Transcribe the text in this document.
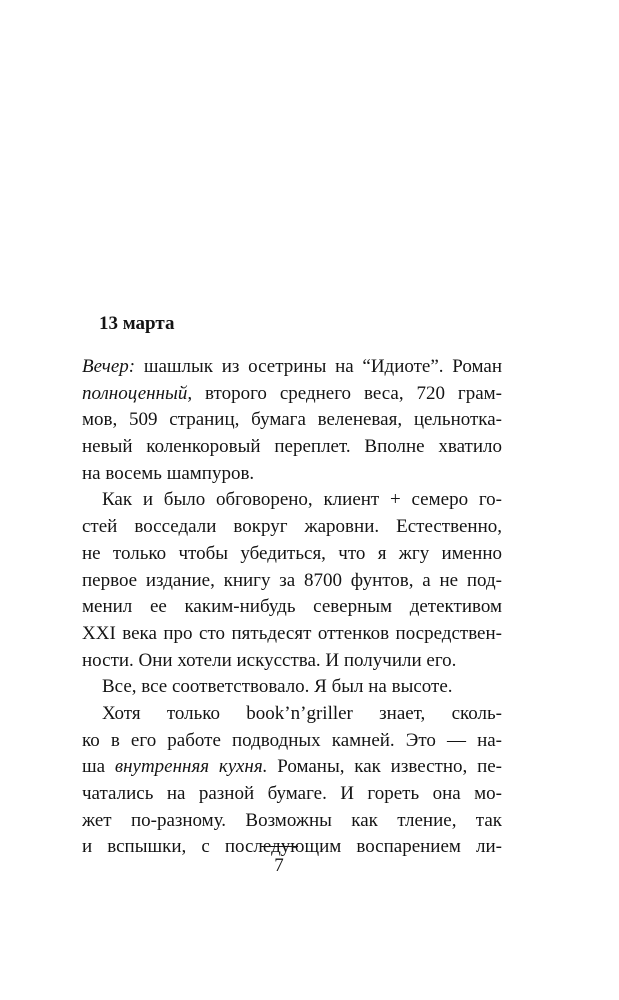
13 марта
Вечер: шашлык из осетрины на “Идиоте”. Роман
полноценный, второго среднего веса, 720 грам-
мов, 509 страниц, бумага веленевая, цельнотка-
невый коленкоровый переплет. Вполне хватило
на восемь шампуров.
Как и было обговорено, клиент + семеро го-
стей восседали вокруг жаровни. Естественно,
не только чтобы убедиться, что я жгу именно
первое издание, книгу за 8700 фунтов, а не под-
менил ее каким-нибудь северным детективом
XXI века про сто пятьдесят оттенков посредствен-
ности. Они хотели искусства. И получили его.
Все, все соответствовало. Я был на высоте.
Хотя только book’n’griller знает, сколь-
ко в его работе подводных камней. Это — на-
ша внутренняя кухня. Романы, как известно, пе-
чатались на разной бумаге. И гореть она мо-
жет по-разному. Возможны как тление, так
и вспышки, с последующим воспарением ли-
7
